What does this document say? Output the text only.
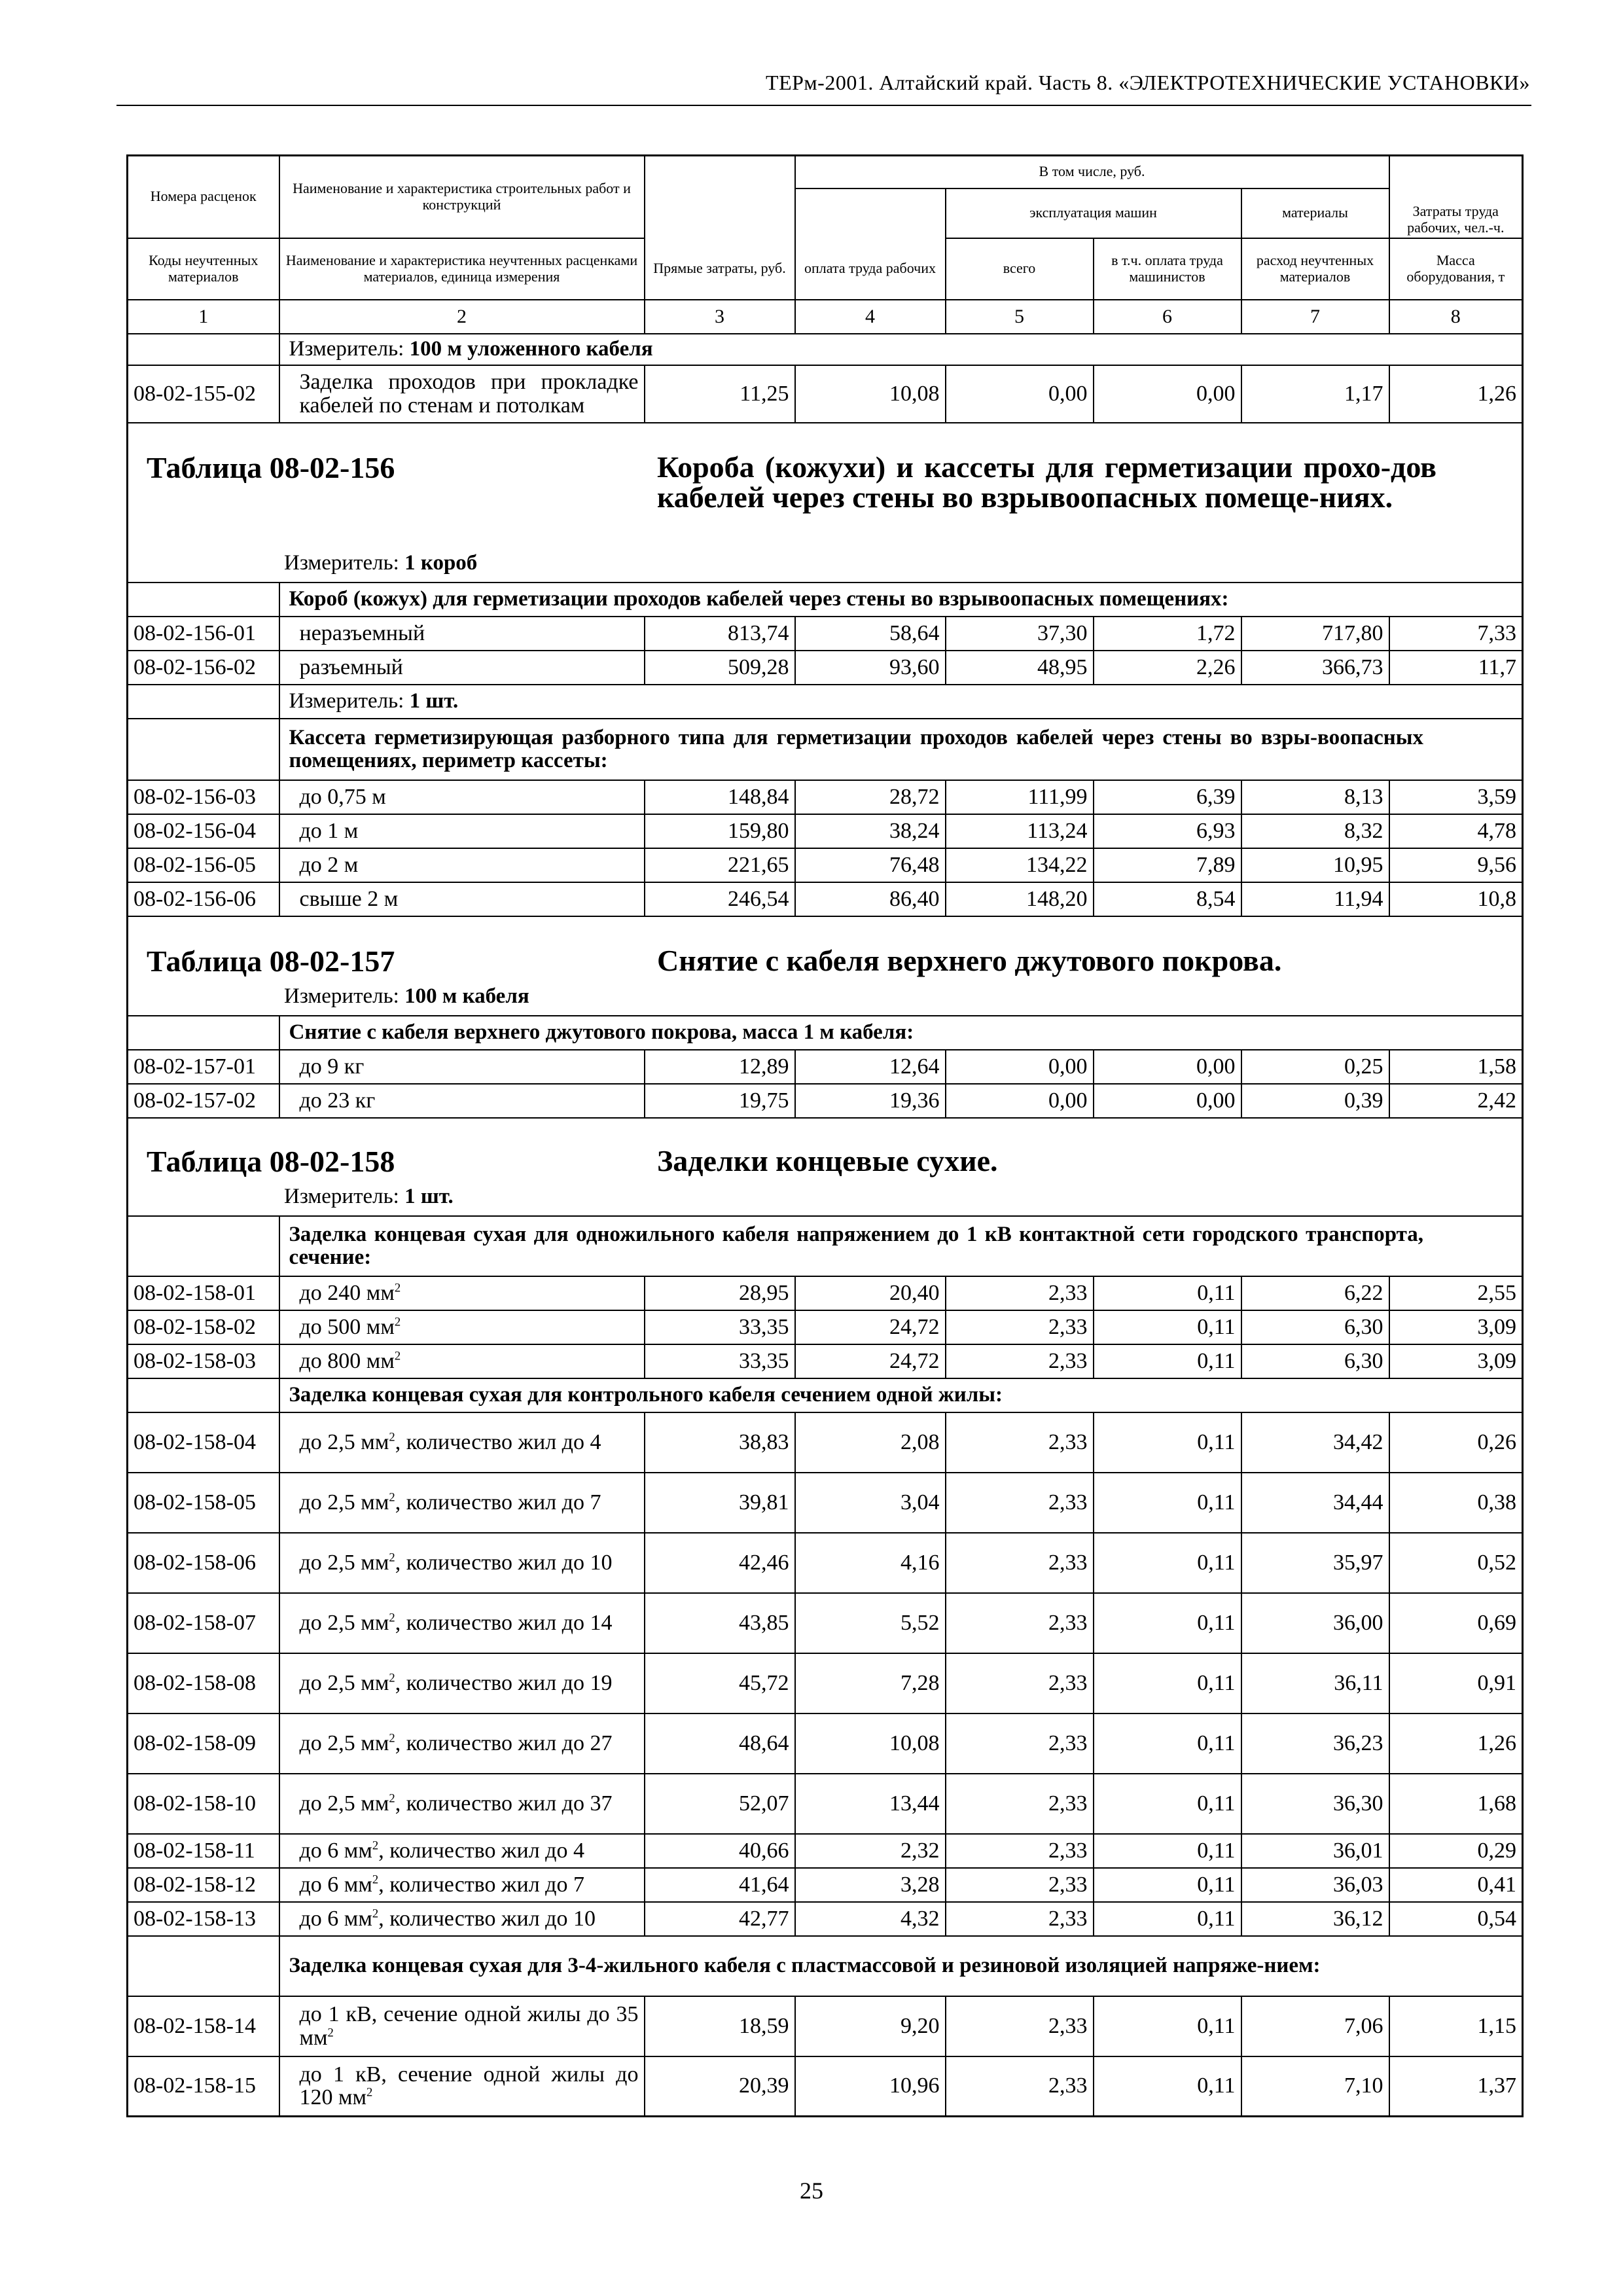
ТЕРм-2001. Алтайский край. Часть 8. «ЭЛЕКТРОТЕХНИЧЕСКИЕ УСТАНОВКИ»
Номера расценок	Наименование и характеристика строительных работ и конструкций		В том числе, руб.				Затраты труда рабочих, чел.-ч.
				эксплуатация машин		материалы	
Коды неучтенных материалов	Наименование и характеристика неучтенных расценками материалов, единица измерения	Прямые затраты, руб.	оплата труда рабочих	всего	в т.ч. оплата труда машинистов	расход неучтенных материалов	Масса оборудования, т
1	2	3	4	5	6	7	8
	Измеритель: 100 м уложенного кабеля						
08-02-155-02	Заделка проходов при прокладке кабелей по стенам и потолкам	11,25	10,08	0,00	0,00	1,17	1,26

Таблица 08-02-156 Короба (кожухи) и кассеты для герметизации прохо-дов кабелей через стены во взрывоопасных помеще-ниях.
Измеритель: 1 короб							

	Короб (кожух) для герметизации проходов кабелей через стены во взрывоопасных помещениях:						
08-02-156-01	неразъемный	813,74	58,64	37,30	1,72	717,80	7,33
08-02-156-02	разъемный	509,28	93,60	48,95	2,26	366,73	11,7
	Измеритель: 1 шт.						
	Кассета герметизирующая разборного типа для герметизации проходов кабелей через стены во взры-воопасных помещениях, периметр кассеты:						
08-02-156-03	до 0,75 м	148,84	28,72	111,99	6,39	8,13	3,59
08-02-156-04	до 1 м	159,80	38,24	113,24	6,93	8,32	4,78
08-02-156-05	до 2 м	221,65	76,48	134,22	7,89	10,95	9,56
08-02-156-06	свыше 2 м	246,54	86,40	148,20	8,54	11,94	10,8

Таблица 08-02-157 Снятие с кабеля верхнего джутового покрова.
Измеритель: 100 м кабеля							

	Снятие с кабеля верхнего джутового покрова, масса 1 м кабеля:						
08-02-157-01	до 9 кг	12,89	12,64	0,00	0,00	0,25	1,58
08-02-157-02	до 23 кг	19,75	19,36	0,00	0,00	0,39	2,42

Таблица 08-02-158 Заделки концевые сухие.
Измеритель: 1 шт.							

	Заделка концевая сухая для одножильного кабеля напряжением до 1 кВ контактной сети городского транспорта, сечение:						
08-02-158-01	до 240 $мм^2$	28,95	20,40	2,33	0,11	6,22	2,55
08-02-158-02	до 500 $мм^2$	33,35	24,72	2,33	0,11	6,30	3,09
08-02-158-03	до 800 $мм^2$	33,35	24,72	2,33	0,11	6,30	3,09
	Заделка концевая сухая для контрольного кабеля сечением одной жилы:						
08-02-158-04	до 2,5 $мм^2$, количество жил до 4	38,83	2,08	2,33	0,11	34,42	0,26
08-02-158-05	до 2,5 $мм^2$, количество жил до 7	39,81	3,04	2,33	0,11	34,44	0,38
08-02-158-06	до 2,5 $мм^2$, количество жил до 10	42,46	4,16	2,33	0,11	35,97	0,52
08-02-158-07	до 2,5 $мм^2$, количество жил до 14	43,85	5,52	2,33	0,11	36,00	0,69
08-02-158-08	до 2,5 $мм^2$, количество жил до 19	45,72	7,28	2,33	0,11	36,11	0,91
08-02-158-09	до 2,5 $мм^2$, количество жил до 27	48,64	10,08	2,33	0,11	36,23	1,26
08-02-158-10	до 2,5 $мм^2$, количество жил до 37	52,07	13,44	2,33	0,11	36,30	1,68
08-02-158-11	до 6 $мм^2$, количество жил до 4	40,66	2,32	2,33	0,11	36,01	0,29
08-02-158-12	до 6 $мм^2$, количество жил до 7	41,64	3,28	2,33	0,11	36,03	0,41
08-02-158-13	до 6 $мм^2$, количество жил до 10	42,77	4,32	2,33	0,11	36,12	0,54
	Заделка концевая сухая для 3-4-жильного кабеля с пластмассовой и резиновой изоляцией напряже-нием:						
08-02-158-14	до 1 кВ, сечение одной жилы до 35 $мм^2$	18,59	9,20	2,33	0,11	7,06	1,15
08-02-158-15	до 1 кВ, сечение одной жилы до 120 $мм^2$	20,39	10,96	2,33	0,11	7,10	1,37
25
